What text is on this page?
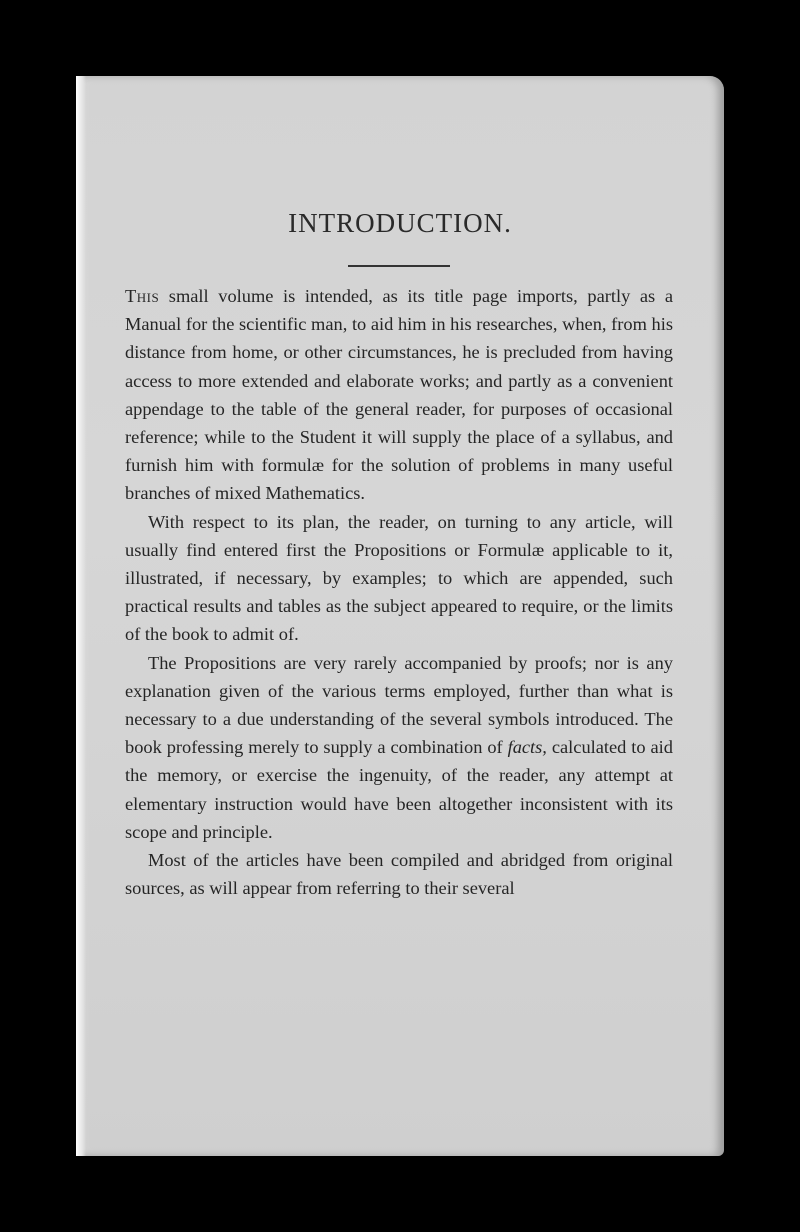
INTRODUCTION.

This small volume is intended, as its title page imports, partly as a Manual for the scientific man, to aid him in his researches, when, from his distance from home, or other circumstances, he is precluded from having access to more extended and elaborate works; and partly as a convenient appendage to the table of the general reader, for purposes of occasional reference; while to the Student it will supply the place of a syllabus, and furnish him with formulæ for the solution of problems in many useful branches of mixed Mathematics.

With respect to its plan, the reader, on turning to any article, will usually find entered first the Propositions or Formulæ applicable to it, illustrated, if necessary, by examples; to which are appended, such practical results and tables as the subject appeared to require, or the limits of the book to admit of.

The Propositions are very rarely accompanied by proofs; nor is any explanation given of the various terms employed, further than what is necessary to a due understanding of the several symbols introduced. The book professing merely to supply a combination of facts, calculated to aid the memory, or exercise the ingenuity, of the reader, any attempt at elementary instruction would have been altogether inconsistent with its scope and principle.

Most of the articles have been compiled and abridged from original sources, as will appear from referring to their several
